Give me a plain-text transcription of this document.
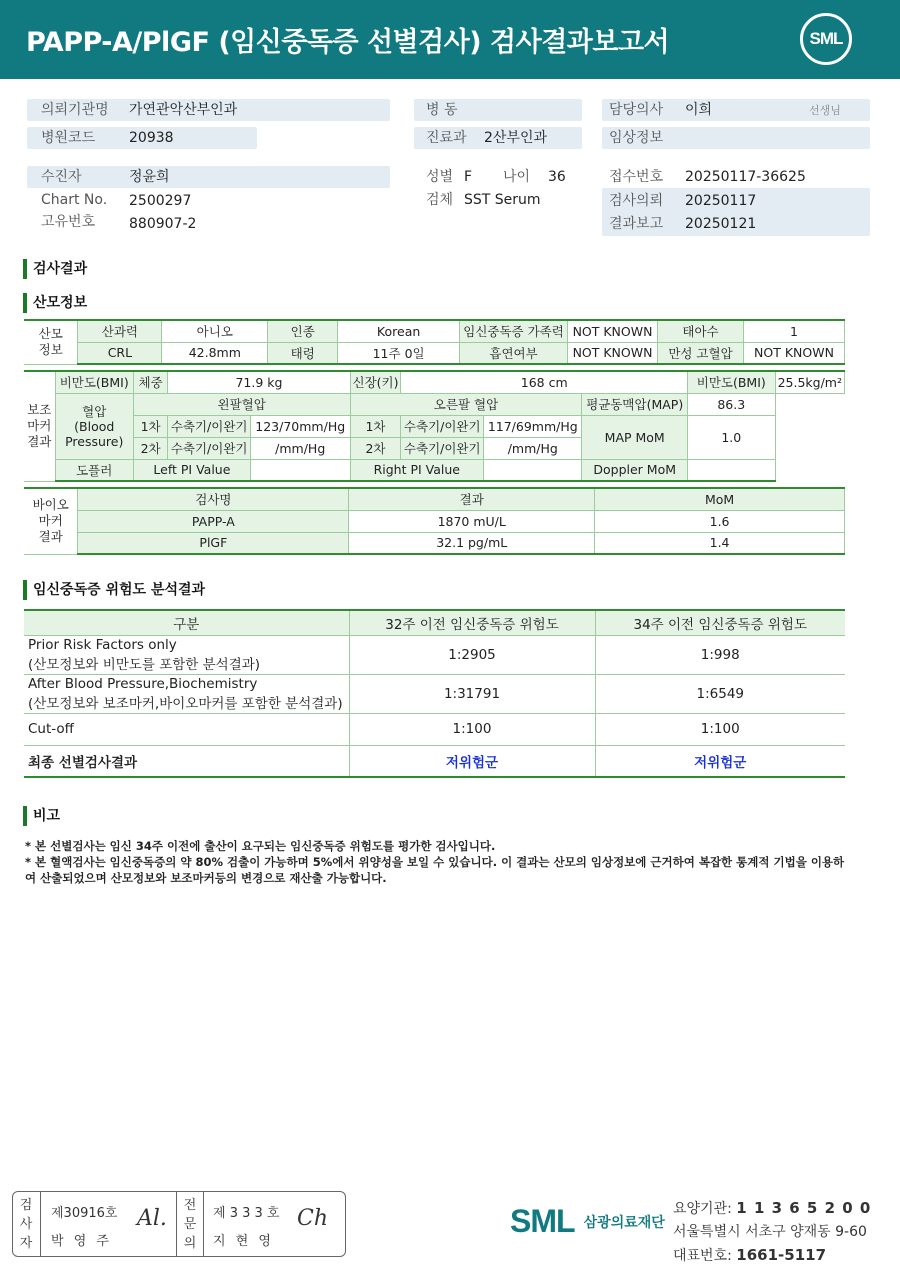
PAPP-A/PlGF (임신중독증 선별검사) 검사결과보고서	SML
의뢰기관명 가연관악산부인과
병원코드 20938
수진자	정윤희
Chart No. 2500297
고유번호 880907-2
병 동
진료과 2산부인과
성별 F 나이 36
검체 SST Serum
담당의사 이희	선생님
임상정보
접수번호 20250117-36625
검사의뢰 20250117
결과보고 20250121
검사결과
산모정보
산모
정보	산과력	아니오	인종	Korean	임신중독증 가족력	NOT KNOWN	태아수	1
	CRL	42.8mm	태령	11주 0일	흡연여부	NOT KNOWN	만성 고혈압	NOT KNOWN
보조
마커
결과	비만도(BMI)	체중	71.9 kg		신장(키)	168 cm			비만도(BMI)	25.5kg/m²
	혈압
(Blood
Pressure)	왼팔혈압			오른팔 혈압			평균동맥압(MAP)	86.3	
		1차	수축기/이완기	123/70mm/Hg	1차	수축기/이완기	117/69mm/Hg	MAP MoM	1.0	
		2차	수축기/이완기	/mm/Hg	2차	수축기/이완기	/mm/Hg			
	도플러	Left PI Value			Right PI Value			Doppler MoM		
바이오
마커
결과	검사명	결과	MoM
	PAPP-A	1870 mU/L	1.6
	PlGF	32.1 pg/mL	1.4
임신중독증 위험도 분석결과
구분	32주 이전 임신중독증 위험도	34주 이전 임신중독증 위험도

Prior Risk Factors only
(산모정보와 비만도를 포함한 분석결과)	1:2905	1:998

After Blood Pressure,Biochemistry
(산모정보와 보조마커,바이오마커를 포함한 분석결과)	1:31791	1:6549
Cut-off	1:100	1:100
최종 선별검사결과	저위험군	저위험군
비고
* 본 선별검사는 임신 34주 이전에 출산이 요구되는 임신중독증 위험도를 평가한 검사입니다.
* 본 혈액검사는 임신중독증의 약 80% 검출이 가능하며 5%에서 위양성을 보일 수 있습니다. 이 결과는 산모의 임상정보에 근거하여 복잡한 통계적 기법을 이용하여 산출되었으며 산모정보와 보조마커등의 변경으로 재산출 가능합니다.
검
사
자
제30916호
박 영 주
Al.
전
문
의
제 3 3 3 호
지 현 영
Ch	SML 삼광의료재단
요양기관: 1 1 3 6 5 2 0 0
서울특별시 서초구 양재동 9-60
대표번호: 1661-5117
